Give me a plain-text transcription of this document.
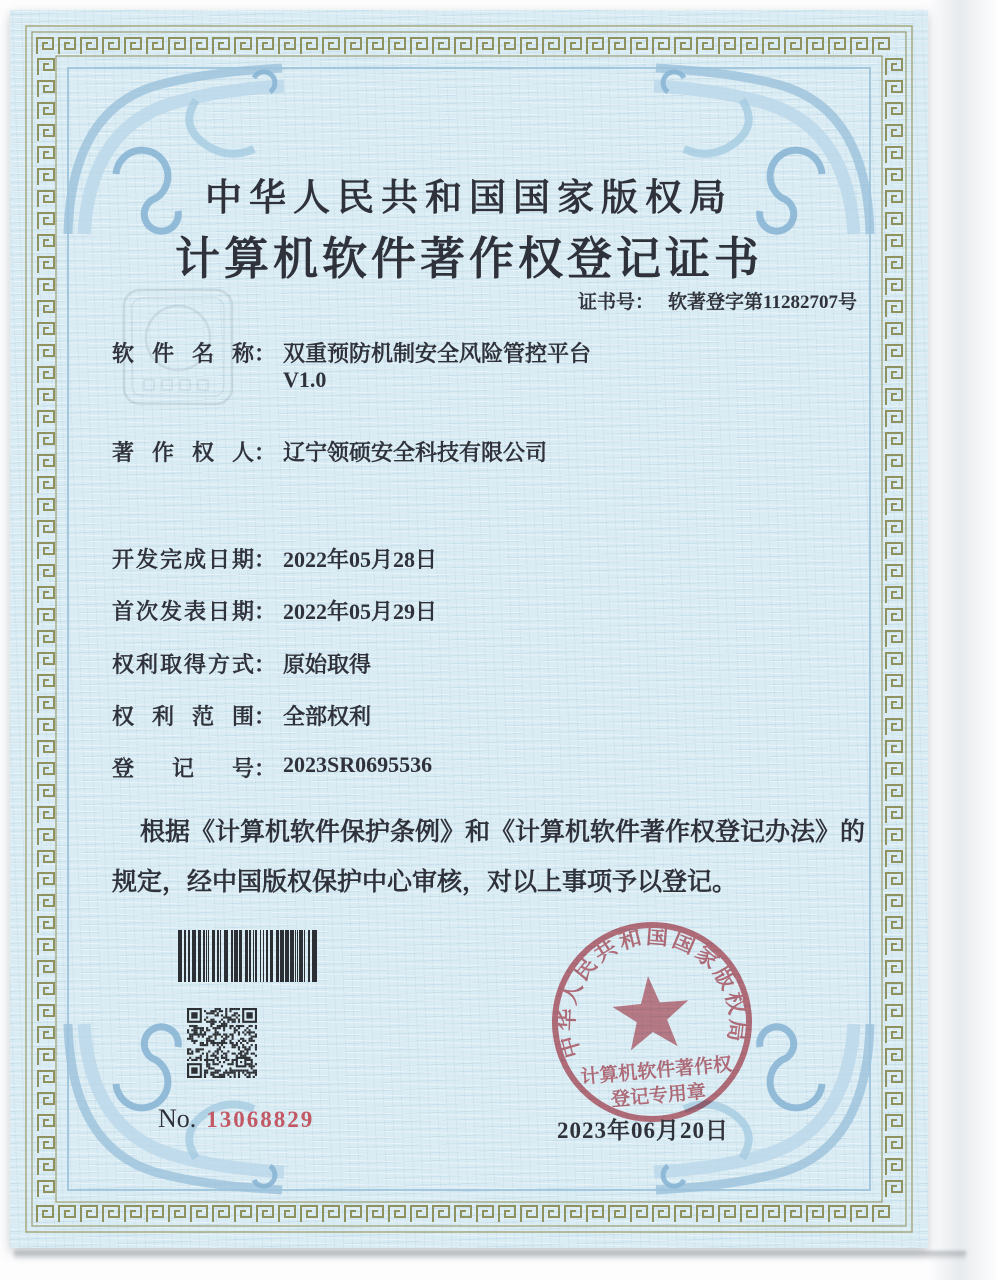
中华人民共和国国家版权局
计算机软件著作权登记证书
证书号： 软著登字第11282707号
软件名称： 双重预防机制安全风险管控平台
V1.0
著作权人： 辽宁领硕安全科技有限公司
开发完成日期： 2022年05月28日
首次发表日期： 2022年05月29日
权利取得方式： 原始取得
权利范围： 全部权利
登记号： 2023SR0695536
根据《计算机软件保护条例》和《计算机软件著作权登记办法》的
规定，经中国版权保护中心审核，对以上事项予以登记。
No. 13068829
中华人民共和国国家版权局
计算机软件著作权
登记专用章
2023年06月20日
